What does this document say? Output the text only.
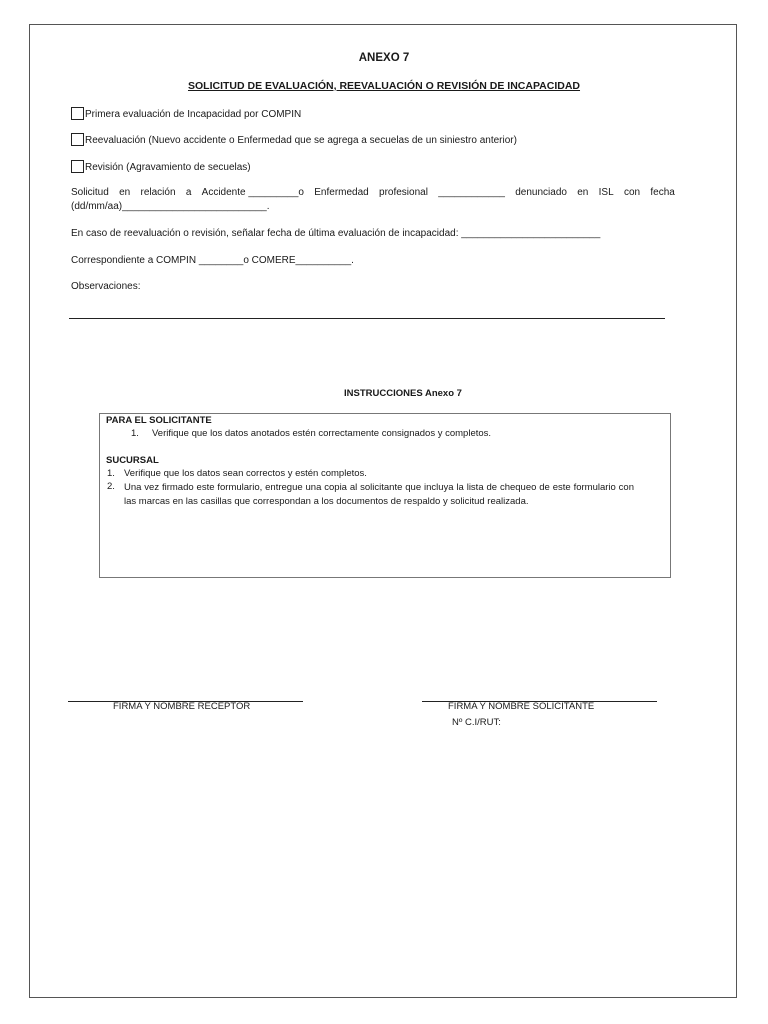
ANEXO 7
SOLICITUD DE EVALUACIÓN, REEVALUACIÓN O REVISIÓN DE INCAPACIDAD
Primera evaluación de Incapacidad por COMPIN
Reevaluación (Nuevo accidente o Enfermedad que se agrega a secuelas de un siniestro anterior)
Revisión (Agravamiento de secuelas)
Solicitud en relación a Accidente _________o Enfermedad profesional ____________ denunciado en ISL con fecha
(dd/mm/aa)__________________________.
En caso de reevaluación o revisión, señalar fecha de última evaluación de incapacidad: _________________________
Correspondiente a COMPIN ________o COMERE__________.
Observaciones:
INSTRUCCIONES Anexo 7
PARA EL SOLICITANTE
1. Verifique que los datos anotados estén correctamente consignados y completos.
SUCURSAL
1. Verifique que los datos sean correctos y estén completos.
2. Una vez firmado este formulario, entregue una copia al solicitante que incluya la lista de chequeo de este formulario con las marcas en las casillas que correspondan a los documentos de respaldo y solicitud realizada.
FIRMA Y NOMBRE RECEPTOR	FIRMA Y NOMBRE SOLICITANTE
Nº C.I/RUT:
